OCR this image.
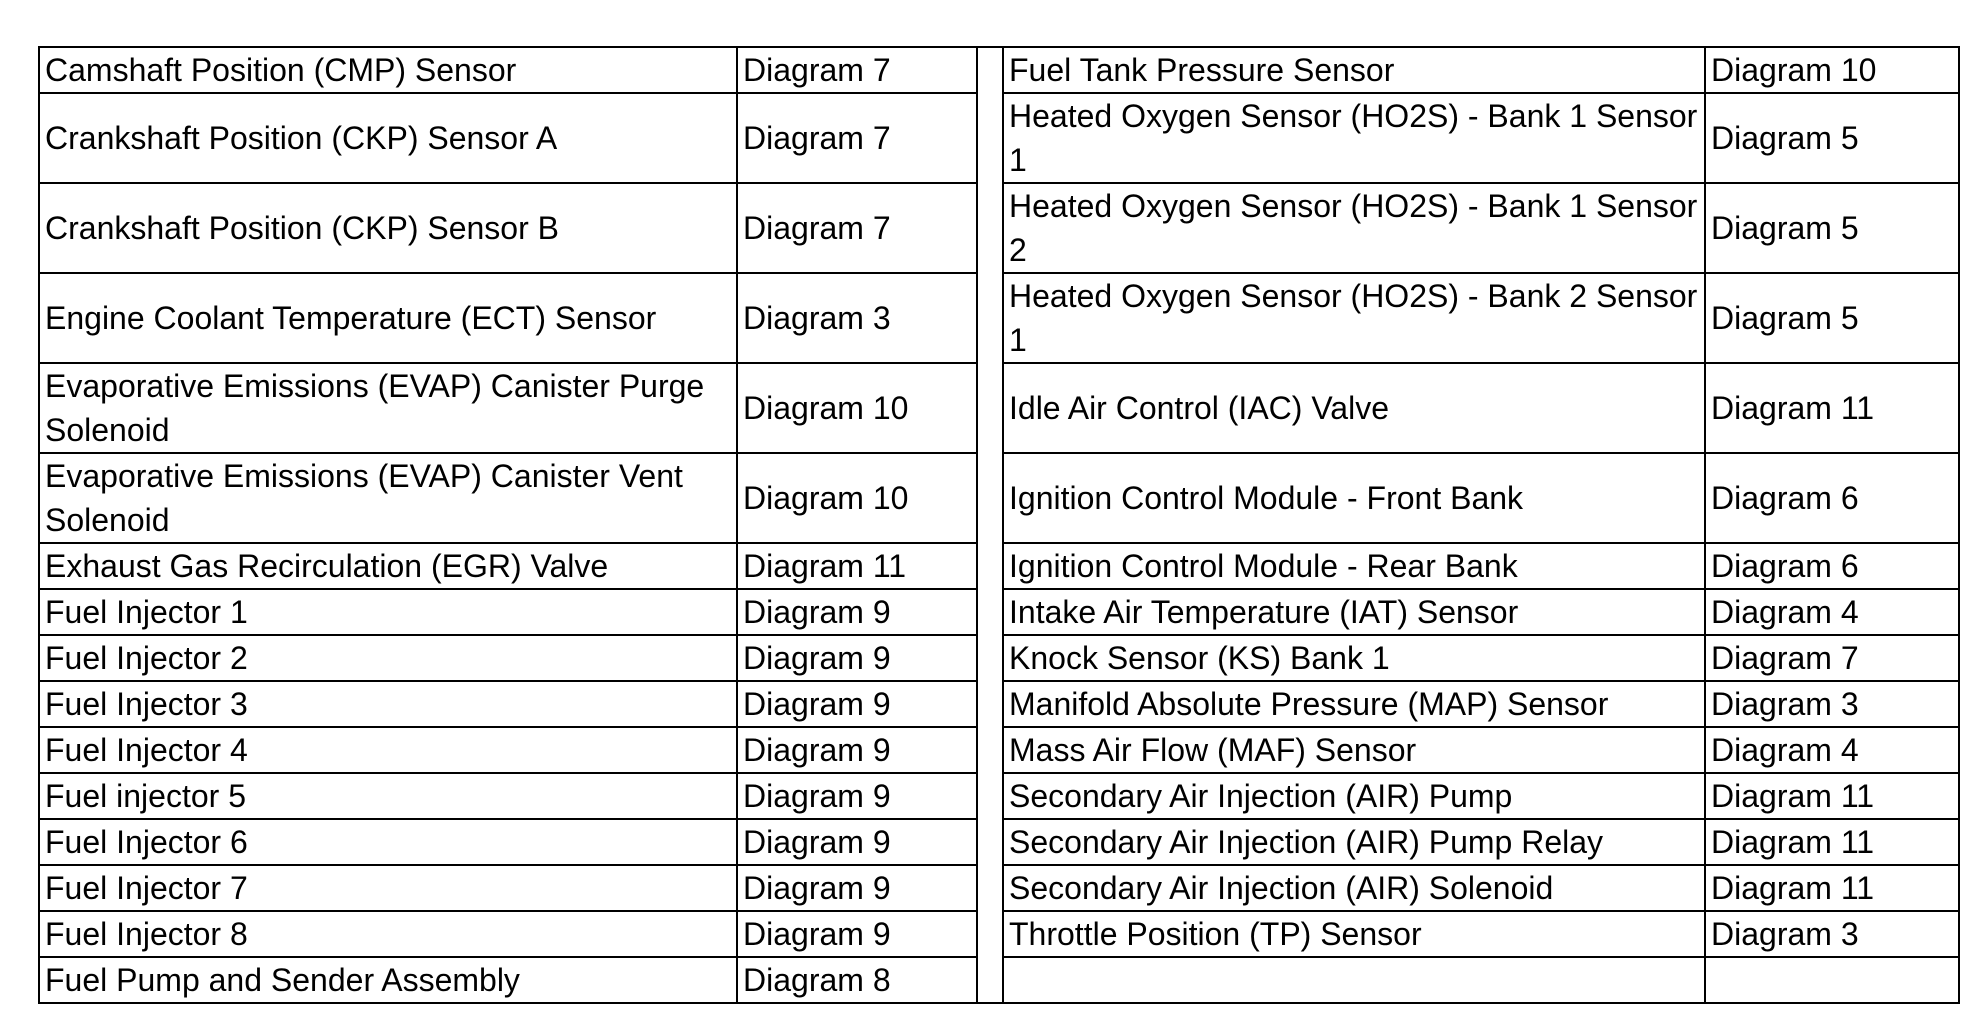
Camshaft Position (CMP) Sensor	Diagram 7		Fuel Tank Pressure Sensor	Diagram 10
Crankshaft Position (CKP) Sensor A	Diagram 7		Heated Oxygen Sensor (HO2S) - Bank 1 Sensor 1	Diagram 5
Crankshaft Position (CKP) Sensor B	Diagram 7		Heated Oxygen Sensor (HO2S) - Bank 1 Sensor 2	Diagram 5
Engine Coolant Temperature (ECT) Sensor	Diagram 3		Heated Oxygen Sensor (HO2S) - Bank 2 Sensor 1	Diagram 5
Evaporative Emissions (EVAP) Canister Purge Solenoid	Diagram 10		Idle Air Control (IAC) Valve	Diagram 11
Evaporative Emissions (EVAP) Canister Vent Solenoid	Diagram 10		Ignition Control Module - Front Bank	Diagram 6
Exhaust Gas Recirculation (EGR) Valve	Diagram 11		Ignition Control Module - Rear Bank	Diagram 6
Fuel Injector 1	Diagram 9		Intake Air Temperature (IAT) Sensor	Diagram 4
Fuel Injector 2	Diagram 9		Knock Sensor (KS) Bank 1	Diagram 7
Fuel Injector 3	Diagram 9		Manifold Absolute Pressure (MAP) Sensor	Diagram 3
Fuel Injector 4	Diagram 9		Mass Air Flow (MAF) Sensor	Diagram 4
Fuel injector 5	Diagram 9		Secondary Air Injection (AIR) Pump	Diagram 11
Fuel Injector 6	Diagram 9		Secondary Air Injection (AIR) Pump Relay	Diagram 11
Fuel Injector 7	Diagram 9		Secondary Air Injection (AIR) Solenoid	Diagram 11
Fuel Injector 8	Diagram 9		Throttle Position (TP) Sensor	Diagram 3
Fuel Pump and Sender Assembly	Diagram 8			
